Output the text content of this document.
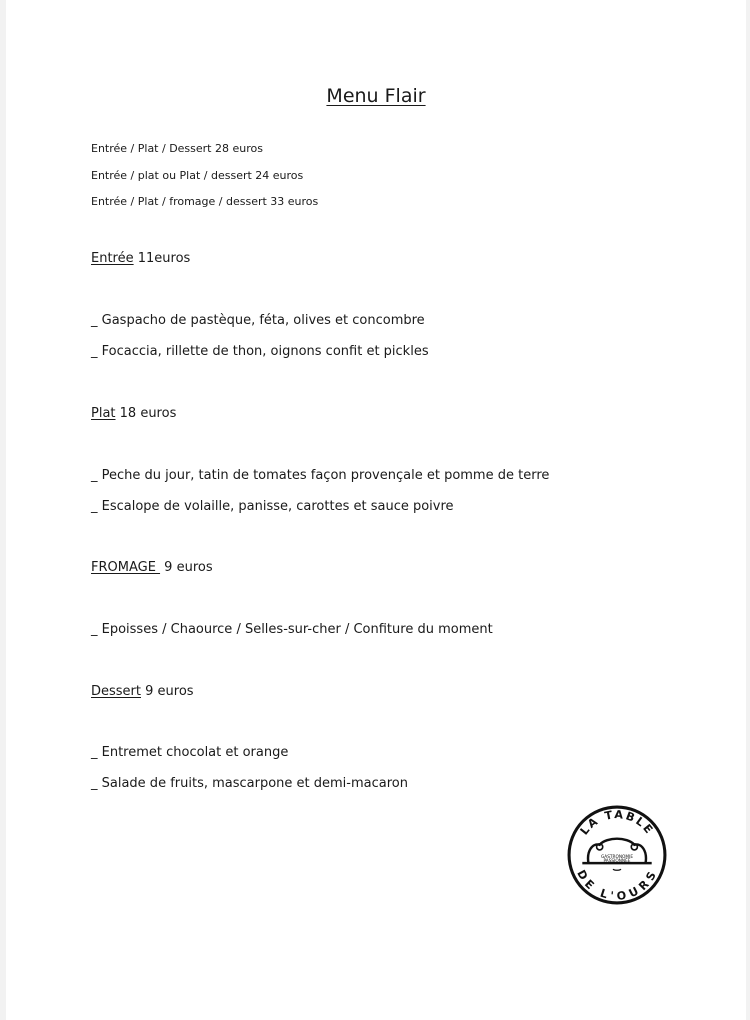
Menu Flair
Entrée / Plat / Dessert 28 euros
Entrée / plat ou Plat / dessert 24 euros
Entrée / Plat / fromage / dessert 33 euros
Entrée 11euros
_ Gaspacho de pastèque, féta, olives et concombre
_ Focaccia, rillette de thon, oignons confit et pickles
Plat 18 euros
_ Peche du jour, tatin de tomates façon provençale et pomme de terre
_ Escalope de volaille, panisse, carottes et sauce poivre
FROMAGE  9 euros
_ Epoisses / Chaource / Selles-sur-cher / Confiture du moment
Dessert 9 euros
_ Entremet chocolat et orange
_ Salade de fruits, mascarpone et demi-macaron
LA TABLE
DE L'OURS
GASTRONOMIE
PASSIONNÉE
